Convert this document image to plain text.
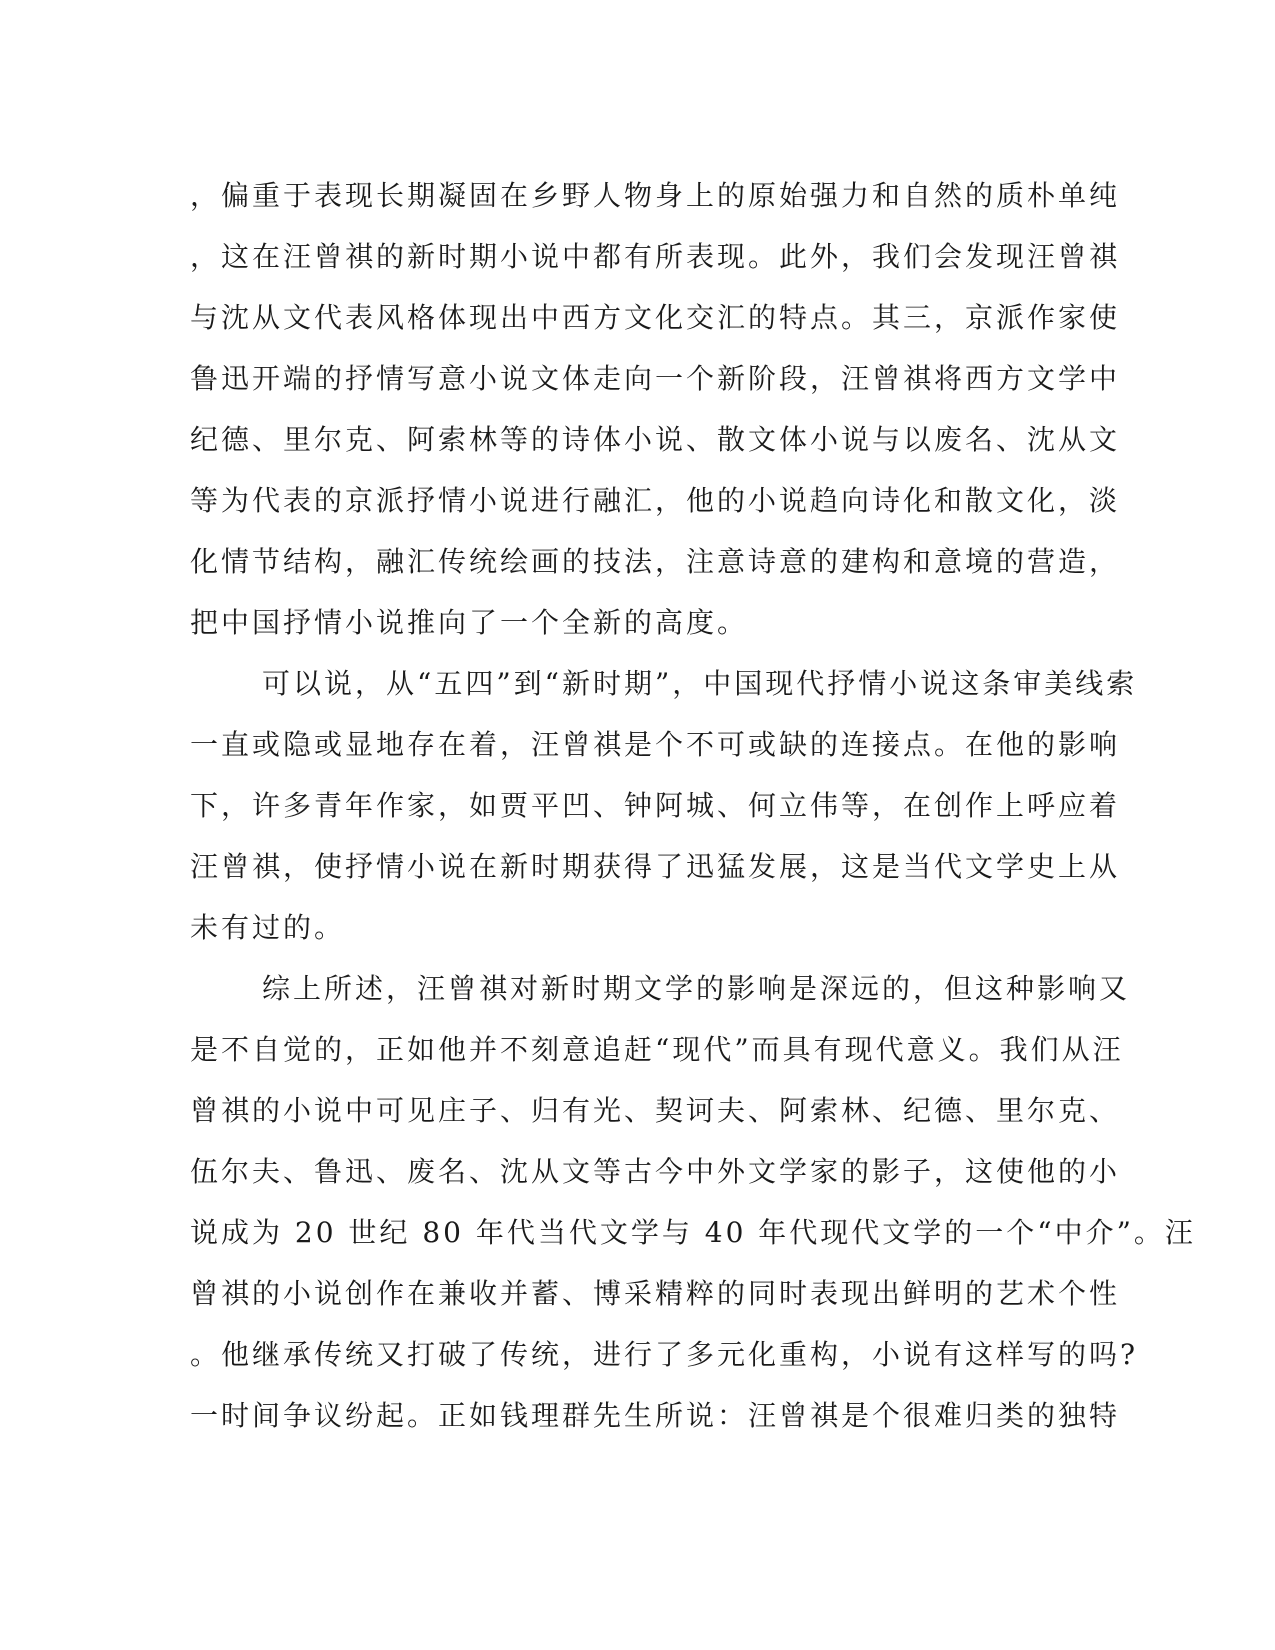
，偏重于表现长期凝固在乡野人物身上的原始强力和自然的质朴单纯
，这在汪曾祺的新时期小说中都有所表现。此外，我们会发现汪曾祺
与沈从文代表风格体现出中西方文化交汇的特点。其三，京派作家使
鲁迅开端的抒情写意小说文体走向一个新阶段，汪曾祺将西方文学中
纪德、里尔克、阿索林等的诗体小说、散文体小说与以废名、沈从文
等为代表的京派抒情小说进行融汇，他的小说趋向诗化和散文化，淡
化情节结构，融汇传统绘画的技法，注意诗意的建构和意境的营造，
把中国抒情小说推向了一个全新的高度。
可以说，从“五四”到“新时期”，中国现代抒情小说这条审美线索
一直或隐或显地存在着，汪曾祺是个不可或缺的连接点。在他的影响
下，许多青年作家，如贾平凹、钟阿城、何立伟等，在创作上呼应着
汪曾祺，使抒情小说在新时期获得了迅猛发展，这是当代文学史上从
未有过的。
综上所述，汪曾祺对新时期文学的影响是深远的，但这种影响又
是不自觉的，正如他并不刻意追赶“现代”而具有现代意义。我们从汪
曾祺的小说中可见庄子、归有光、契诃夫、阿索林、纪德、里尔克、
伍尔夫、鲁迅、废名、沈从文等古今中外文学家的影子，这使他的小
说成为 20 世纪 80 年代当代文学与 40 年代现代文学的一个“中介”。汪
曾祺的小说创作在兼收并蓄、博采精粹的同时表现出鲜明的艺术个性
。他继承传统又打破了传统，进行了多元化重构，小说有这样写的吗?
一时间争议纷起。正如钱理群先生所说：汪曾祺是个很难归类的独特
